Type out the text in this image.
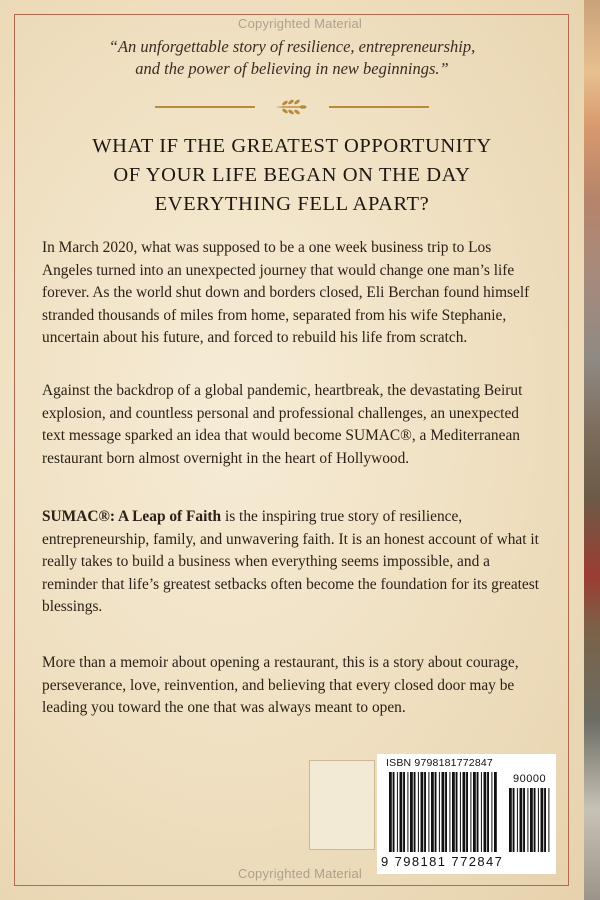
Copyrighted Material
“An unforgettable story of resilience, entrepreneurship,
and the power of believing in new beginnings.”
WHAT IF THE GREATEST OPPORTUNITY
OF YOUR LIFE BEGAN ON THE DAY
EVERYTHING FELL APART?

In March 2020, what was supposed to be a one week business trip to Los Angeles turned into an unexpected journey that would change one man’s life forever. As the world shut down and borders closed, Eli Berchan found himself stranded thousands of miles from home, separated from his wife Stephanie, uncertain about his future, and forced to rebuild his life from scratch.

Against the backdrop of a global pandemic, heartbreak, the devastating Beirut explosion, and countless personal and professional challenges, an unexpected text message sparked an idea that would become SUMAC®, a Mediterranean restaurant born almost overnight in the heart of Hollywood.

SUMAC®: A Leap of Faith is the inspiring true story of resilience, entrepreneurship, family, and unwavering faith. It is an honest account of what it really takes to build a business when everything seems impossible, and a reminder that life’s greatest setbacks often become the foundation for its greatest blessings.

More than a memoir about opening a restaurant, this is a story about courage, perseverance, love, reinvention, and believing that every closed door may be leading you toward the one that was always meant to open.

ISBN 9798181772847
90000
9 798181 772847
Copyrighted Material
